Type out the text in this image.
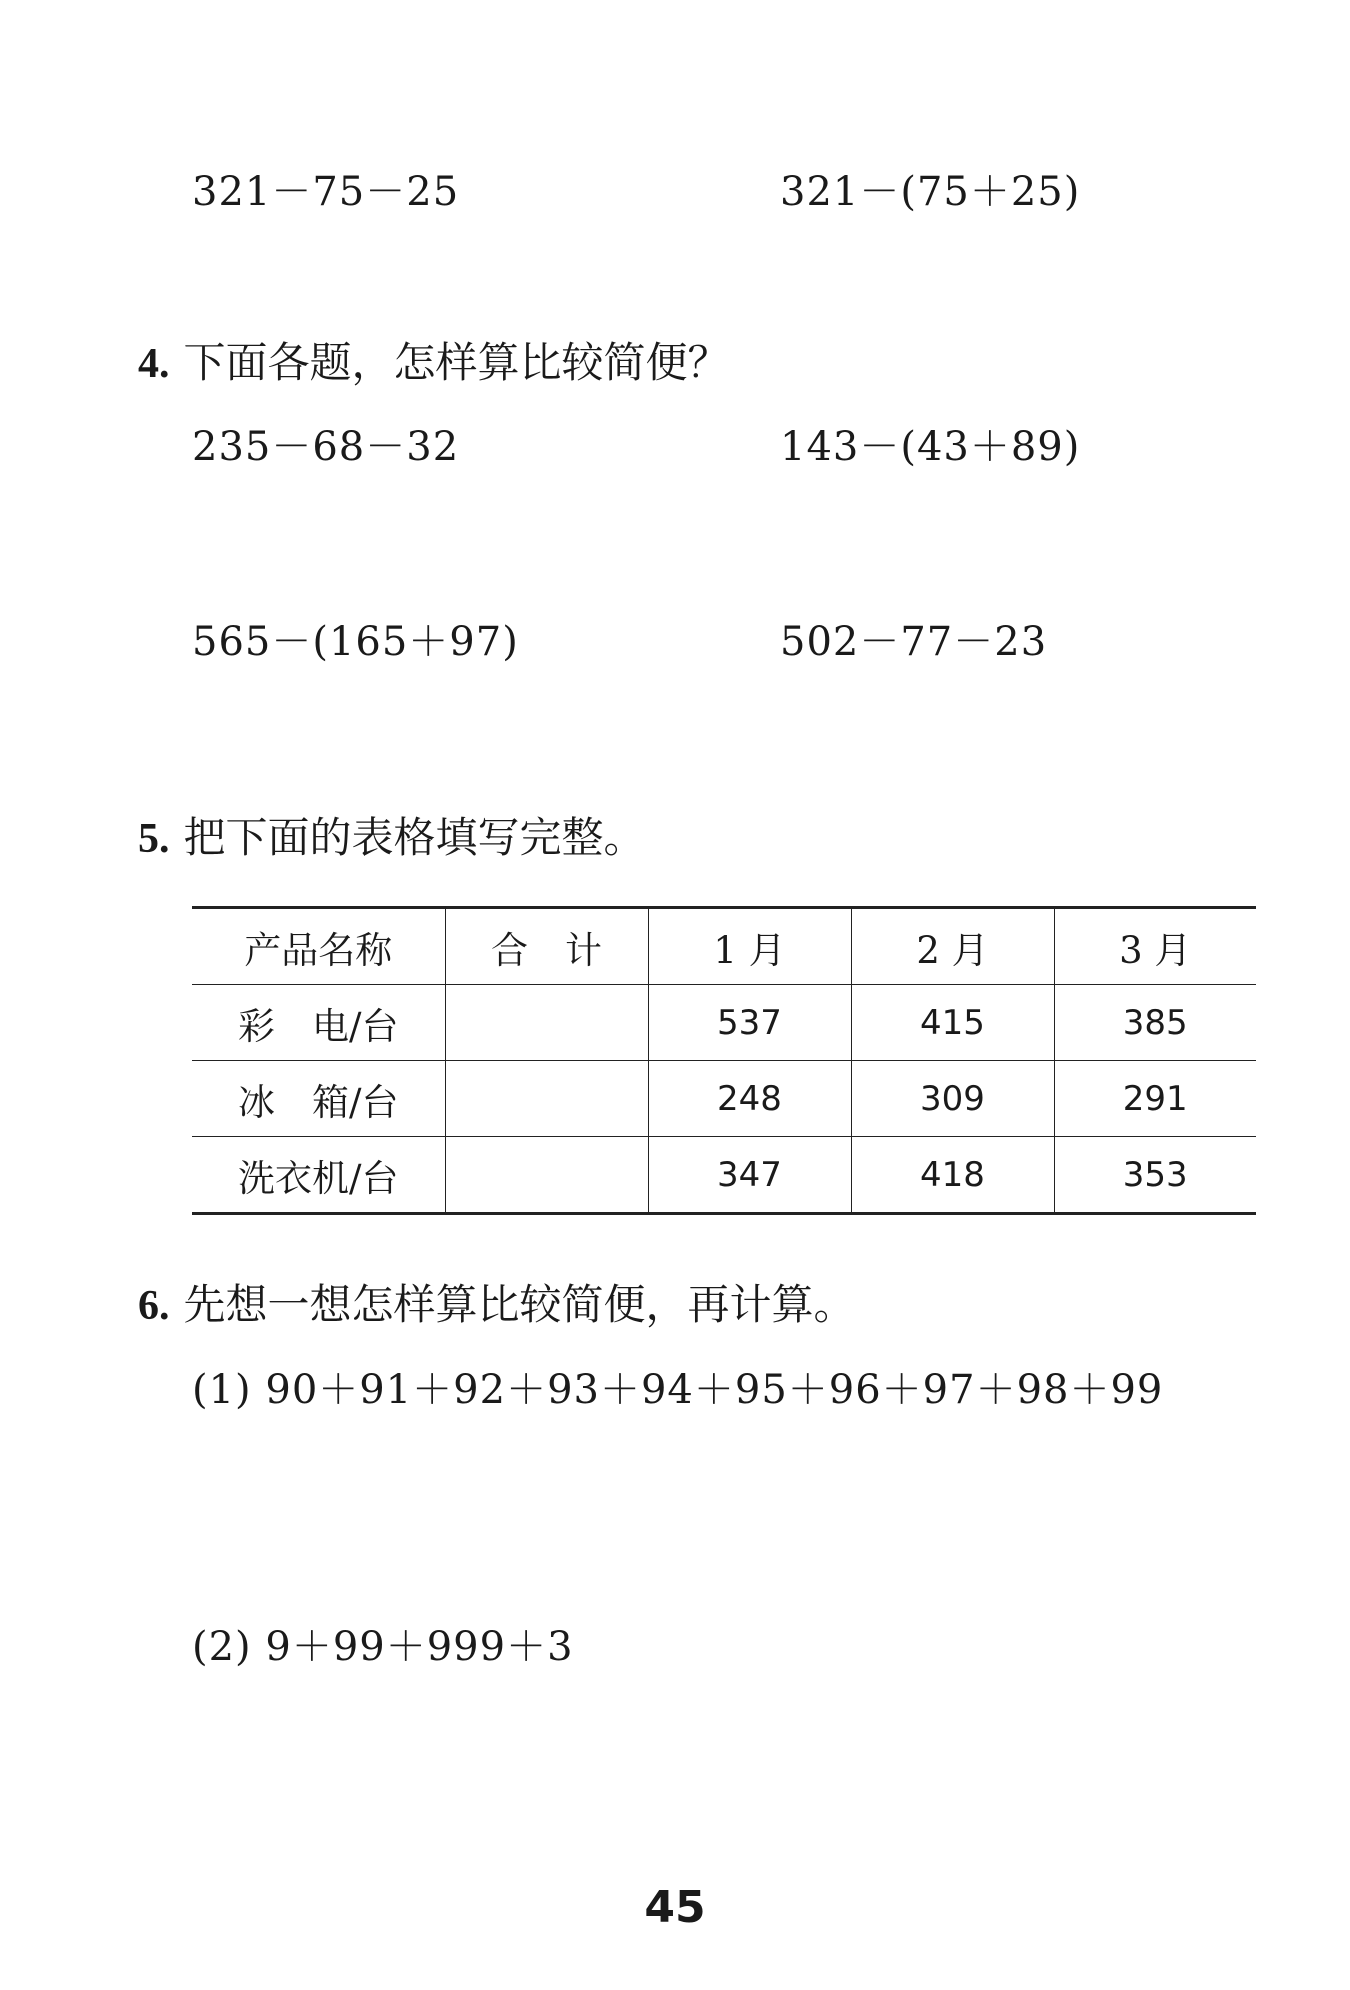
321－75－25	321－(75＋25)
4. 下面各题，怎样算比较简便？
235－68－32	143－(43＋89)
565－(165＋97)	502－77－23
5. 把下面的表格填写完整。
产品名称	合　计	1 月	2 月	3 月
彩　电/台		537	415	385
冰　箱/台		248	309	291
洗衣机/台		347	418	353
6. 先想一想怎样算比较简便，再计算。
(1) 90＋91＋92＋93＋94＋95＋96＋97＋98＋99
(2) 9＋99＋999＋3
45
